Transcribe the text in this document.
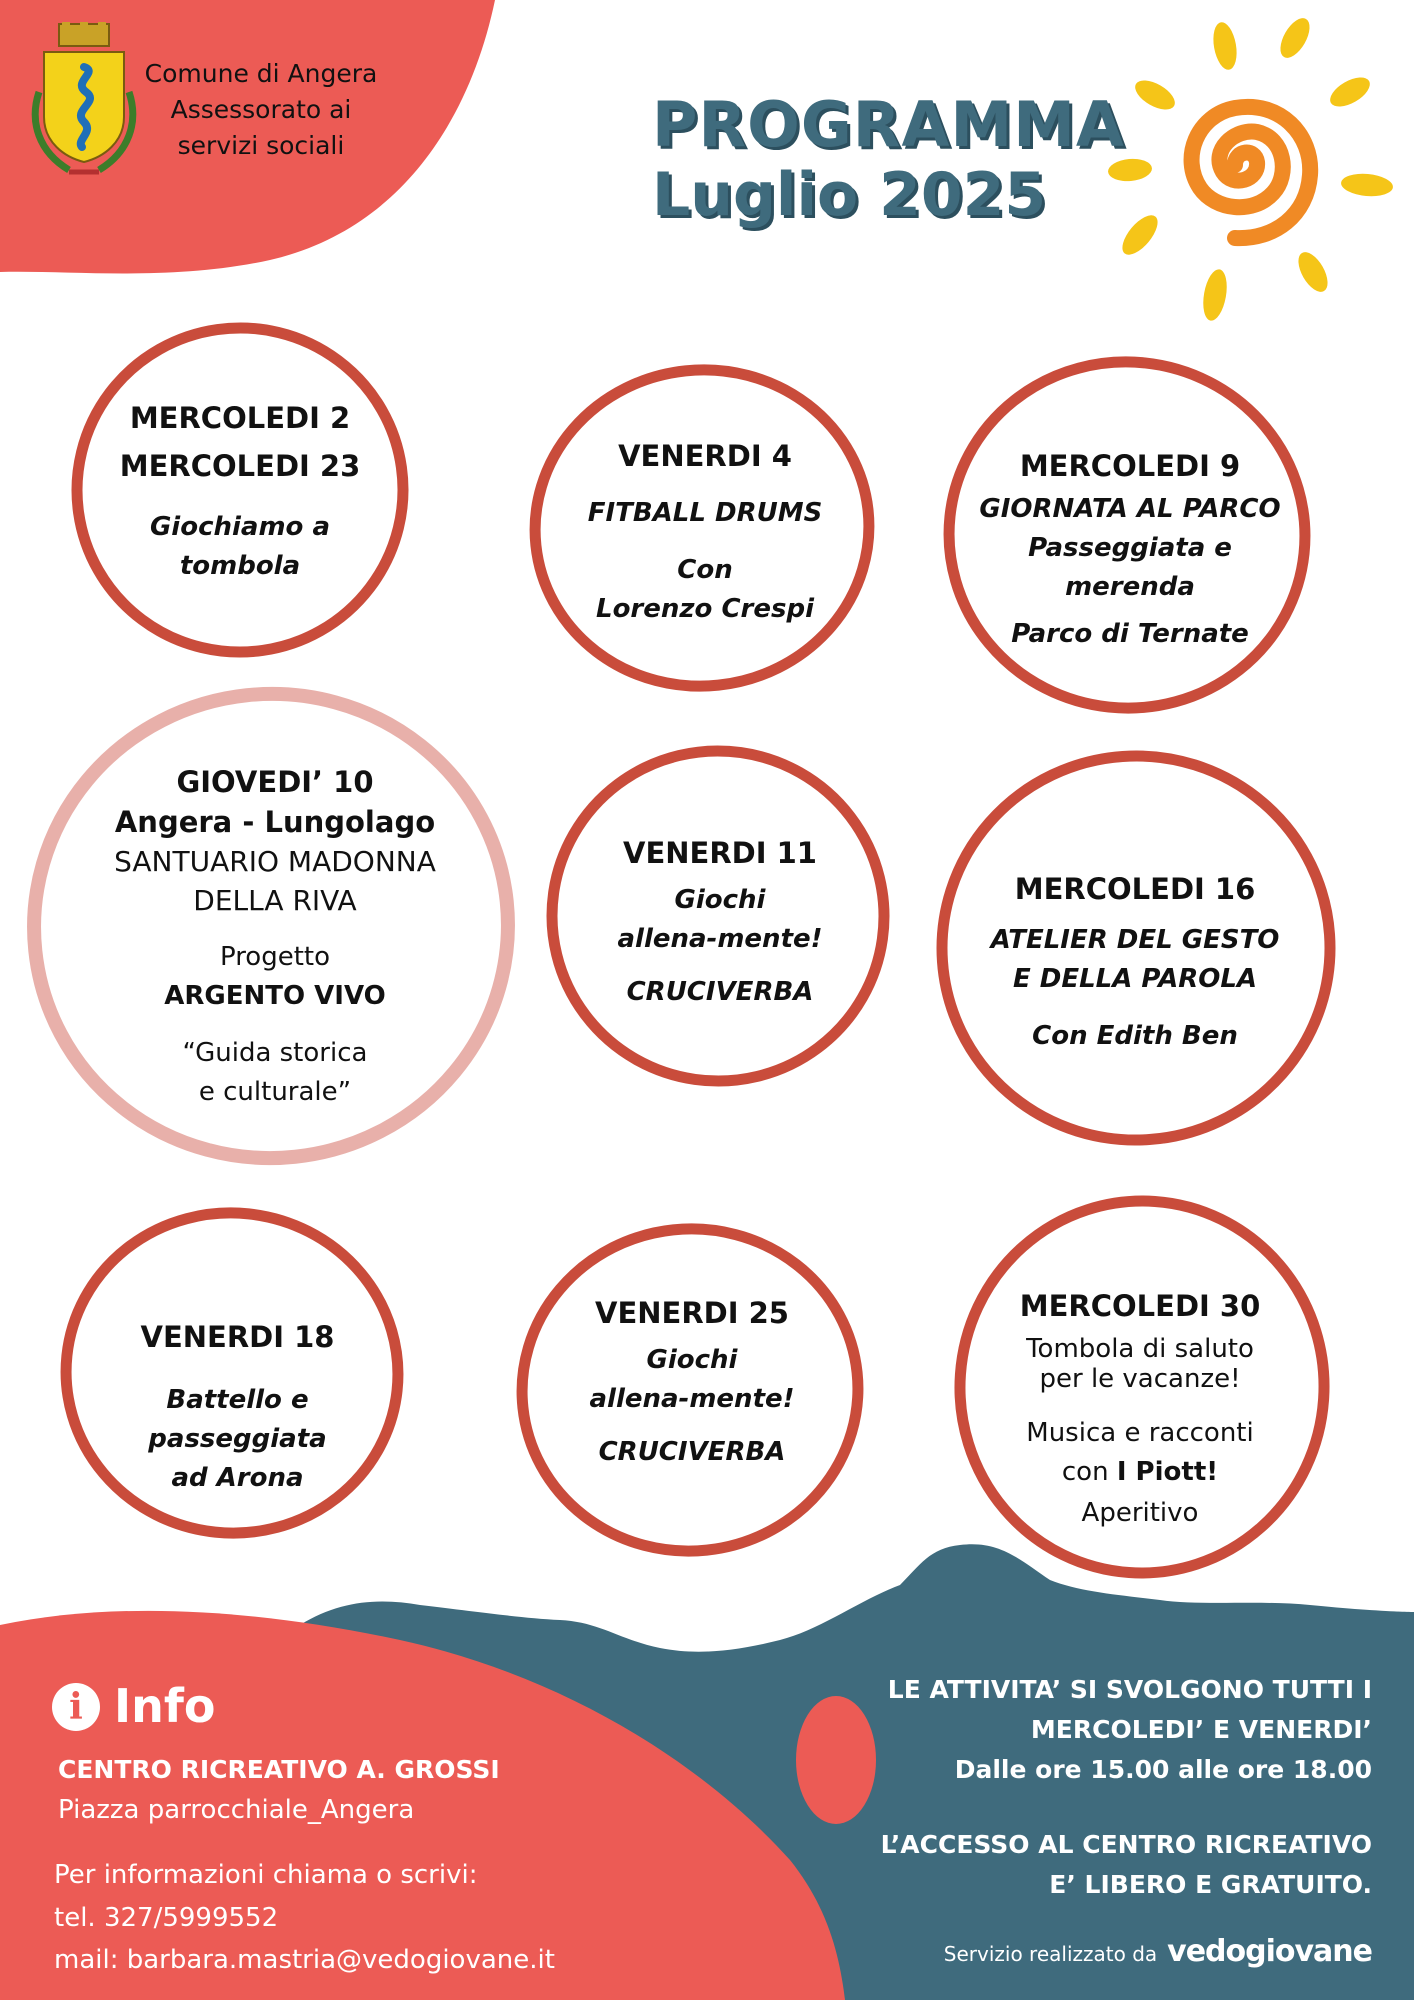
Comune di Angera
Assessorato ai
servizi sociali	PROGRAMMA
Luglio 2025
MERCOLEDI 2
MERCOLEDI 23
Giochiamo a
tombola
VENERDI 4
FITBALL DRUMS
Con
Lorenzo Crespi
MERCOLEDI 9
GIORNATA AL PARCO
Passeggiata e
merenda
Parco di Ternate
GIOVEDI’ 10
Angera - Lungolago
SANTUARIO MADONNA
DELLA RIVA
Progetto
ARGENTO VIVO
“Guida storica
e culturale”
VENERDI 11
Giochi
allena-mente!
CRUCIVERBA
MERCOLEDI 16
ATELIER DEL GESTO
E DELLA PAROLA
Con Edith Ben
VENERDI 18
Battello e
passeggiata
ad Arona
VENERDI 25
Giochi
allena-mente!
CRUCIVERBA
MERCOLEDI 30
Tombola di saluto
per le vacanze!
Musica e racconti
con I Piott!
Aperitivo
i Info
CENTRO RICREATIVO A. GROSSI
Piazza parrocchiale_Angera
Per informazioni chiama o scrivi:
tel. 327/5999552
mail: barbara.mastria@vedogiovane.it
LE ATTIVITA’ SI SVOLGONO TUTTI I
MERCOLEDI’ E VENERDI’
Dalle ore 15.00 alle ore 18.00
L’ACCESSO AL CENTRO RICREATIVO
E’ LIBERO E GRATUITO.
Servizio realizzato da vedogiovane
